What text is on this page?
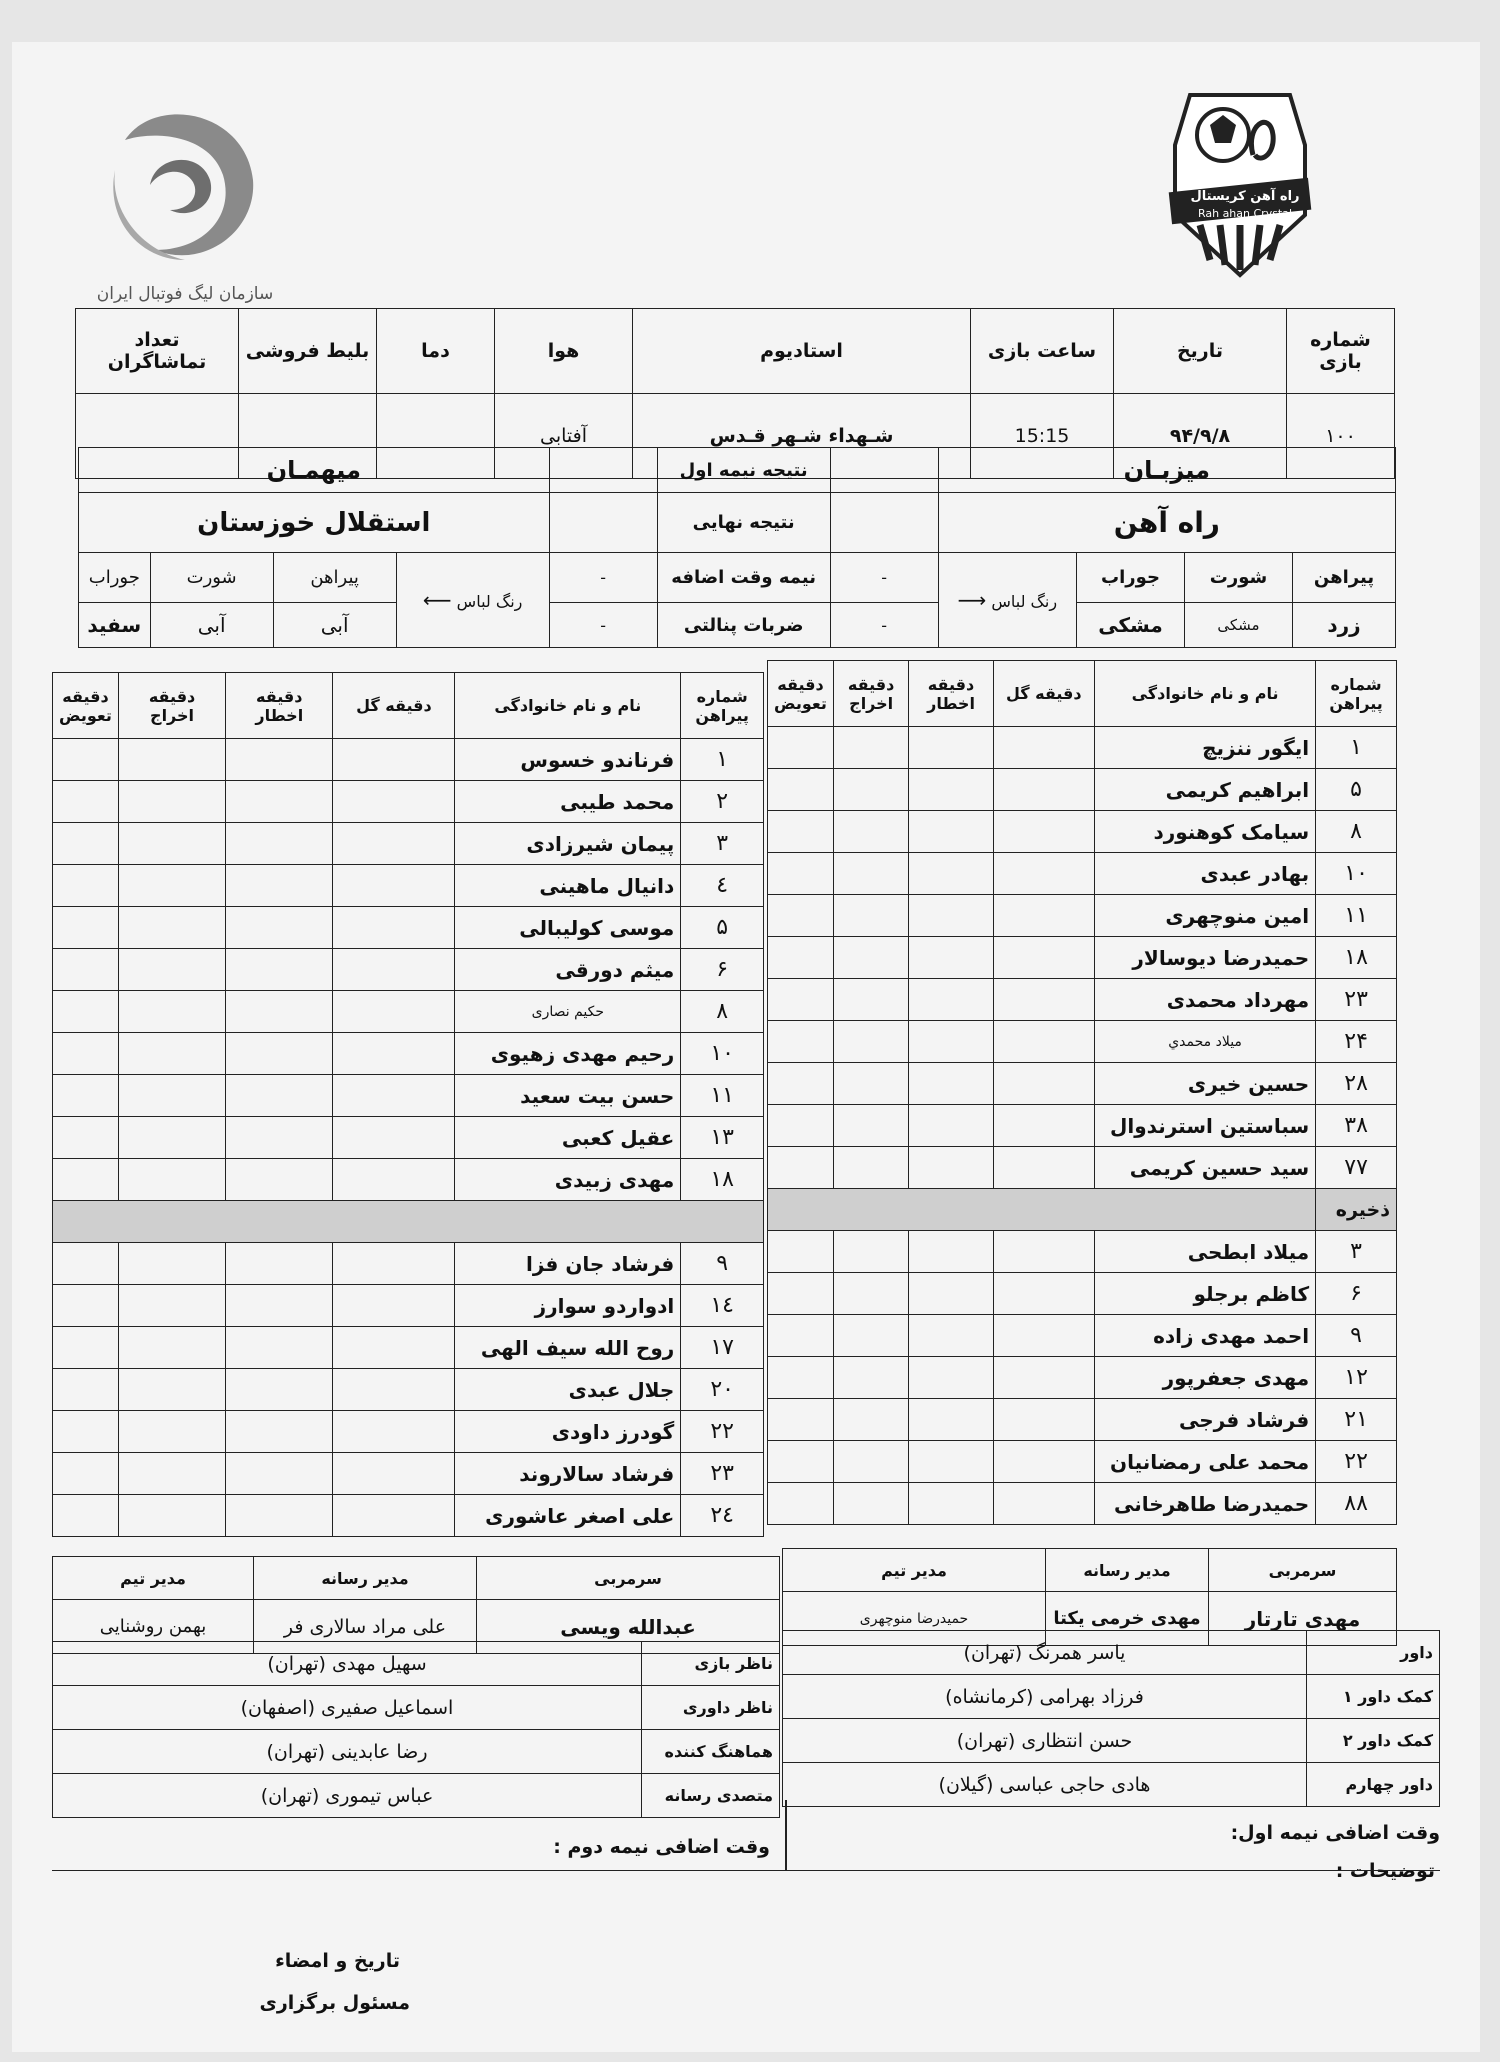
سازمان لیگ فوتبال ایران
راه آهن کریستال
Rah ahan Crystal
شماره بازی	تاریخ	ساعت بازی	استادیوم	هوا	دما	بلیط فروشی	تعداد تماشاگران
۱۰۰	۹۴/۹/۸	15:15	شـهداء شـهر قـدس	آفتابی			
میزبـان					نتیجه نیمه اول		میهمـان			
راه آهن					نتیجه نهایی		استقلال خوزستان			
پیراهن	شورت	جوراب	رنگ لباس ⟶	-	نیمه وقت اضافه	-	رنگ لباس ⟵	پیراهن	شورت	جوراب
زرد	مشکی	مشکی		-	ضربات پنالتی	-		آبی	آبی	سفید
شماره پیراهن	نام و نام خانوادگی	دقیقه گل	دقیقه اخطار	دقیقه اخراج	دقیقه تعویض
۱	ایگور ننزیچ				
۵	ابراهیم کریمی				
۸	سیامک کوهنورد				
۱۰	بهادر عبدی				
۱۱	امین منوچهری				
۱۸	حمیدرضا دیوسالار				
۲۳	مهرداد محمدی				
۲۴	میلاد محمدي				
۲۸	حسین خیری				
۳۸	سباستین استرندوال				
۷۷	سید حسین کریمی				
ذخیره					
۳	میلاد ابطحی				
۶	کاظم برجلو				
۹	احمد مهدی زاده				
۱۲	مهدی جعفرپور				
۲۱	فرشاد فرجی				
۲۲	محمد علی رمضانیان				
۸۸	حمیدرضا طاهرخانی				
شماره پیراهن	نام و نام خانوادگی	دقیقه گل	دقیقه اخطار	دقیقه اخراج	دقیقه تعویض
۱	فرناندو خسوس				
۲	محمد طیبی				
۳	پیمان شیرزادی				
٤	دانیال ماهینی				
۵	موسی کولیبالی				
۶	میثم دورقی				
۸	حکیم نصاری				
۱۰	رحیم مهدی زهیوی				
۱۱	حسن بیت سعید				
۱۳	عقیل کعبی				
۱۸	مهدی زبیدی				

۹	فرشاد جان فزا				
۱٤	ادواردو سوارز				
۱۷	روح الله سیف الهی				
۲۰	جلال عبدی				
۲۲	گودرز داودی				
۲۳	فرشاد سالاروند				
۲٤	علی اصغر عاشوری				
سرمربی	مدیر رسانه	مدیر تیم
مهدی تارتار	مهدی خرمی یکتا	حمیدرضا منوچهری
سرمربی	مدیر رسانه	مدیر تیم
عبدالله ویسی	علی مراد سالاری فر	بهمن روشنایی
داور	یاسر همرنگ (تهران)
کمک داور ۱	فرزاد بهرامی (کرمانشاه)
کمک داور ۲	حسن انتظاری (تهران)
داور چهارم	هادی حاجی عباسی (گیلان)
ناظر بازی	سهیل مهدی (تهران)
ناظر داوری	اسماعیل صفیری (اصفهان)
هماهنگ کننده	رضا عابدینی (تهران)
متصدی رسانه	عباس تیموری (تهران)
وقت اضافی نیمه اول:
وقت اضافی نیمه دوم :
توضیحات :
تاریخ و امضاء
مسئول برگزاری
